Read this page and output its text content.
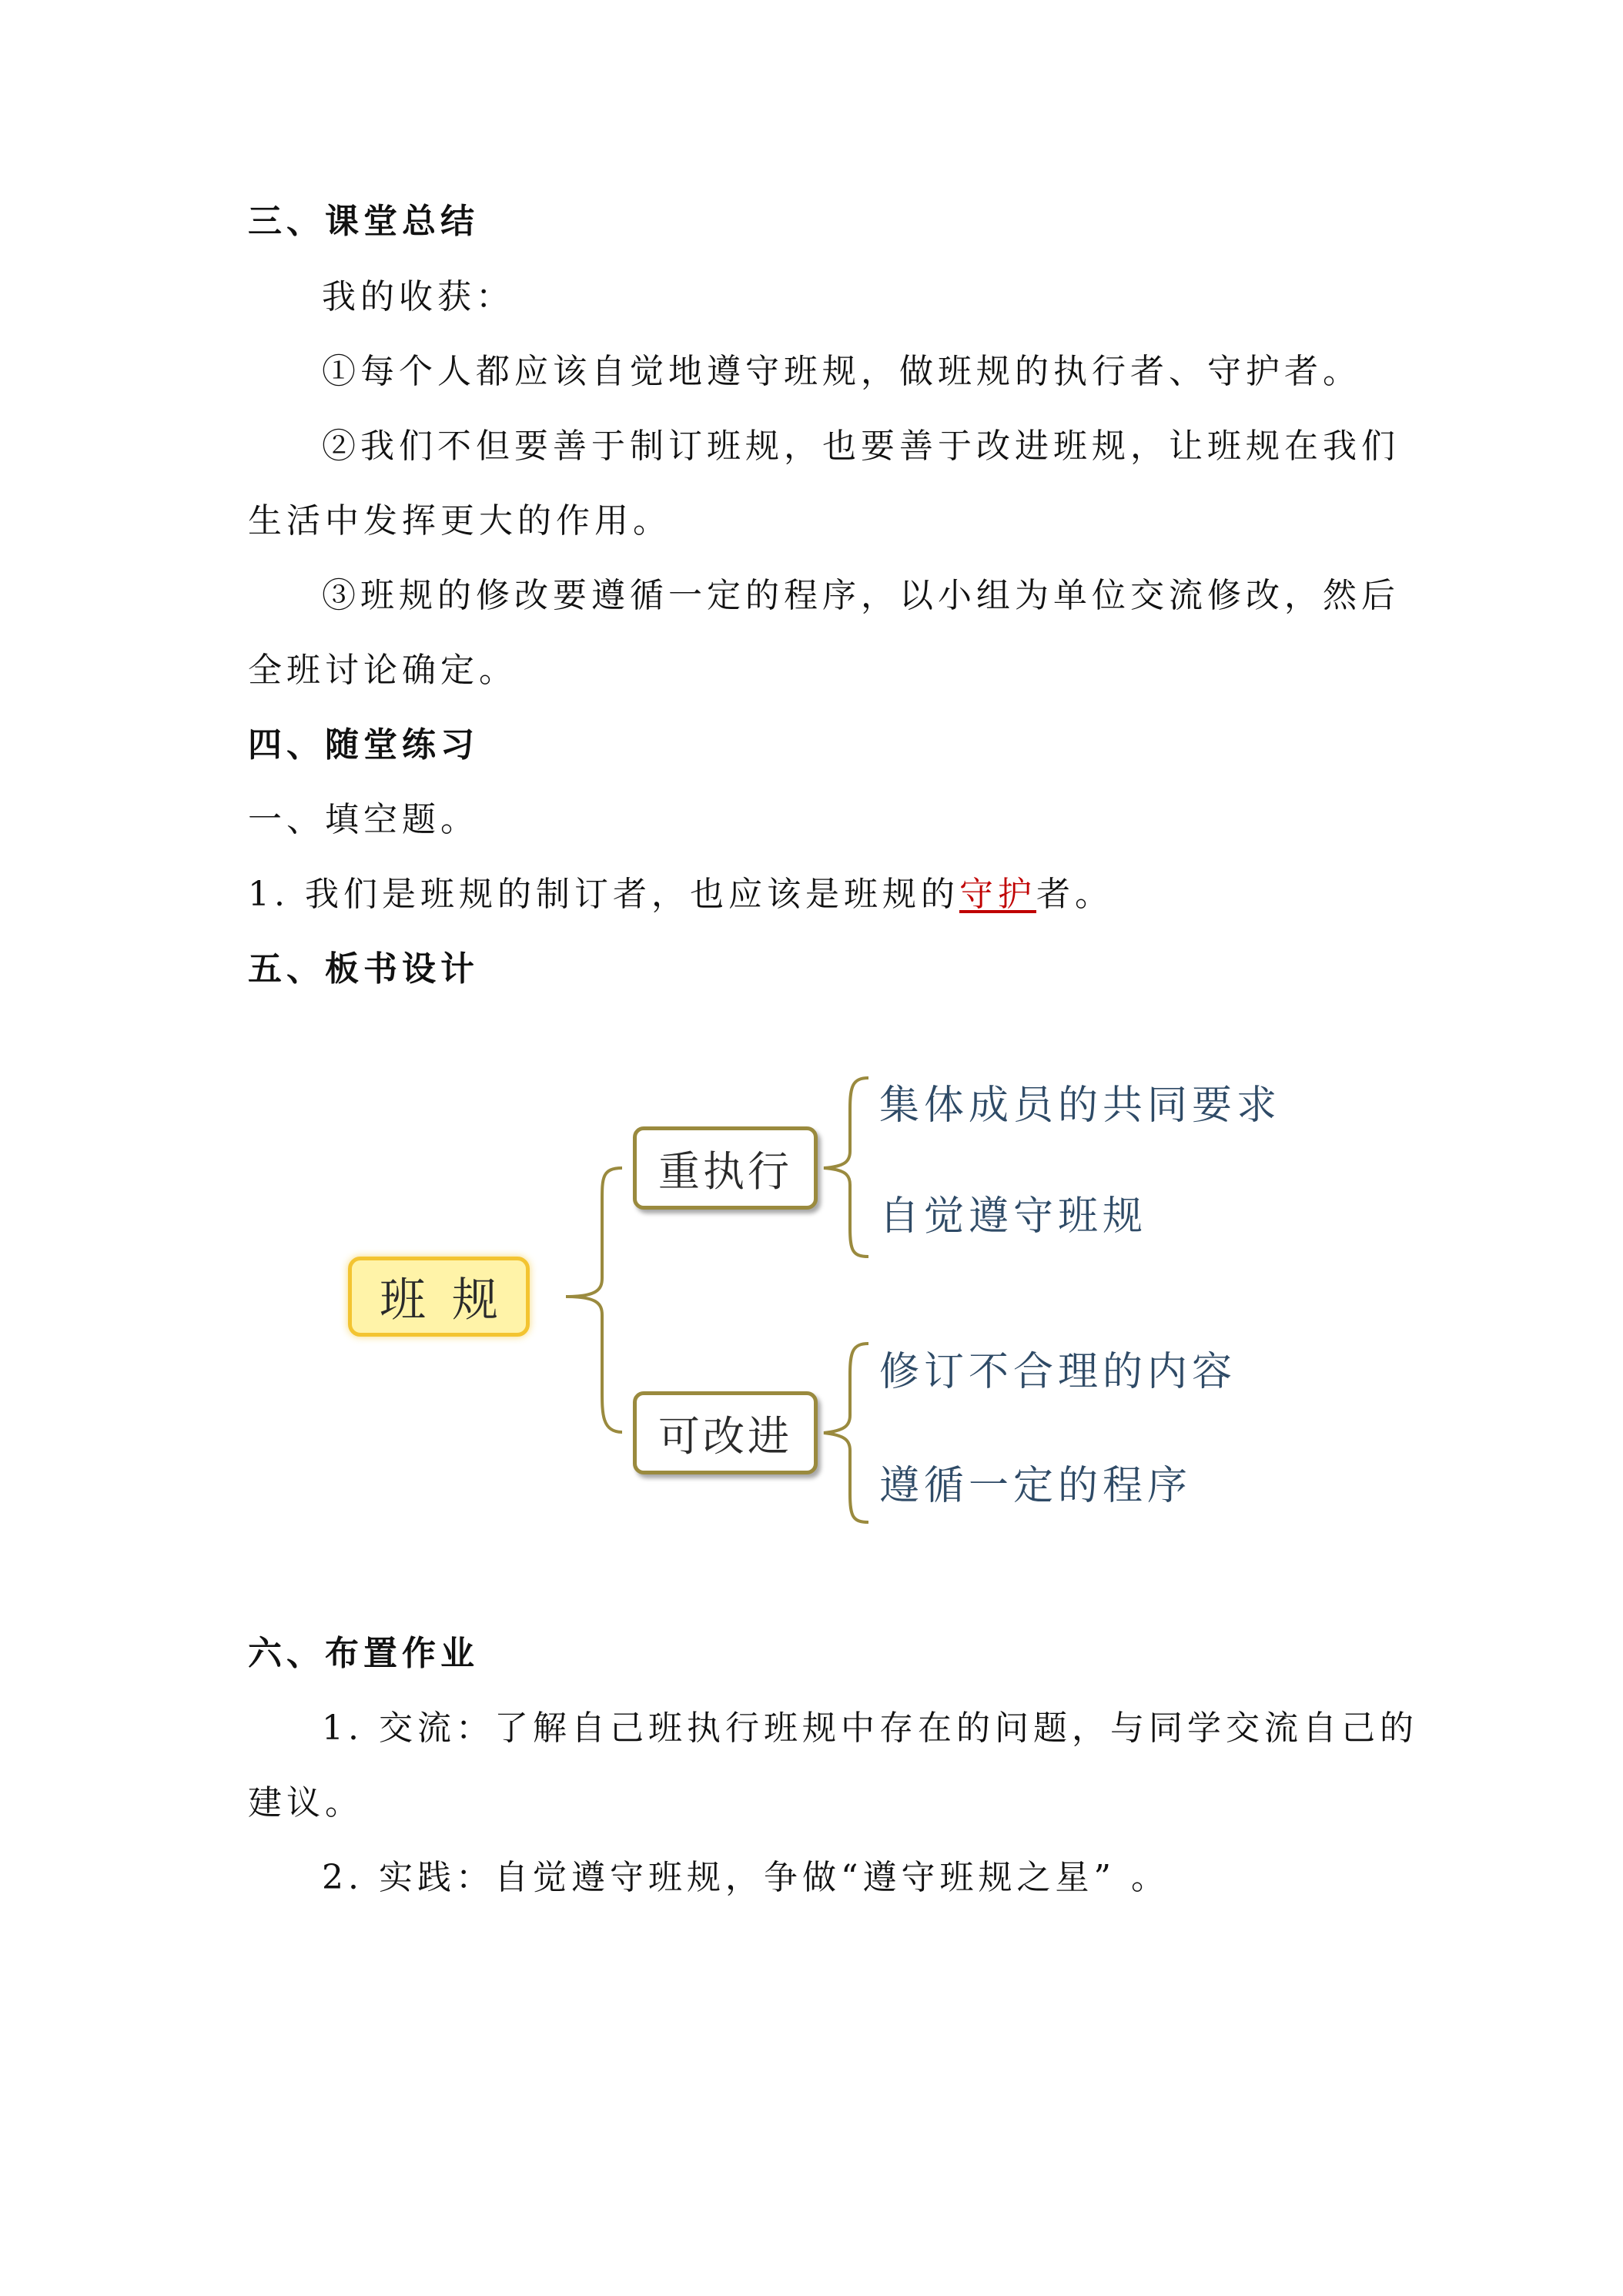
三、课堂总结
我的收获：
①每个人都应该自觉地遵守班规，做班规的执行者、守护者。
②我们不但要善于制订班规，也要善于改进班规，让班规在我们
生活中发挥更大的作用。
③班规的修改要遵循一定的程序，以小组为单位交流修改，然后
全班讨论确定。
四、随堂练习
一、填空题。
1. 我们是班规的制订者，也应该是班规的守护者。
五、板书设计
班规
重执行
可改进
集体成员的共同要求
自觉遵守班规
修订不合理的内容
遵循一定的程序
六、布置作业
1. 交流：了解自己班执行班规中存在的问题，与同学交流自己的
建议。
2. 实践：自觉遵守班规，争做“遵守班规之星” 。
